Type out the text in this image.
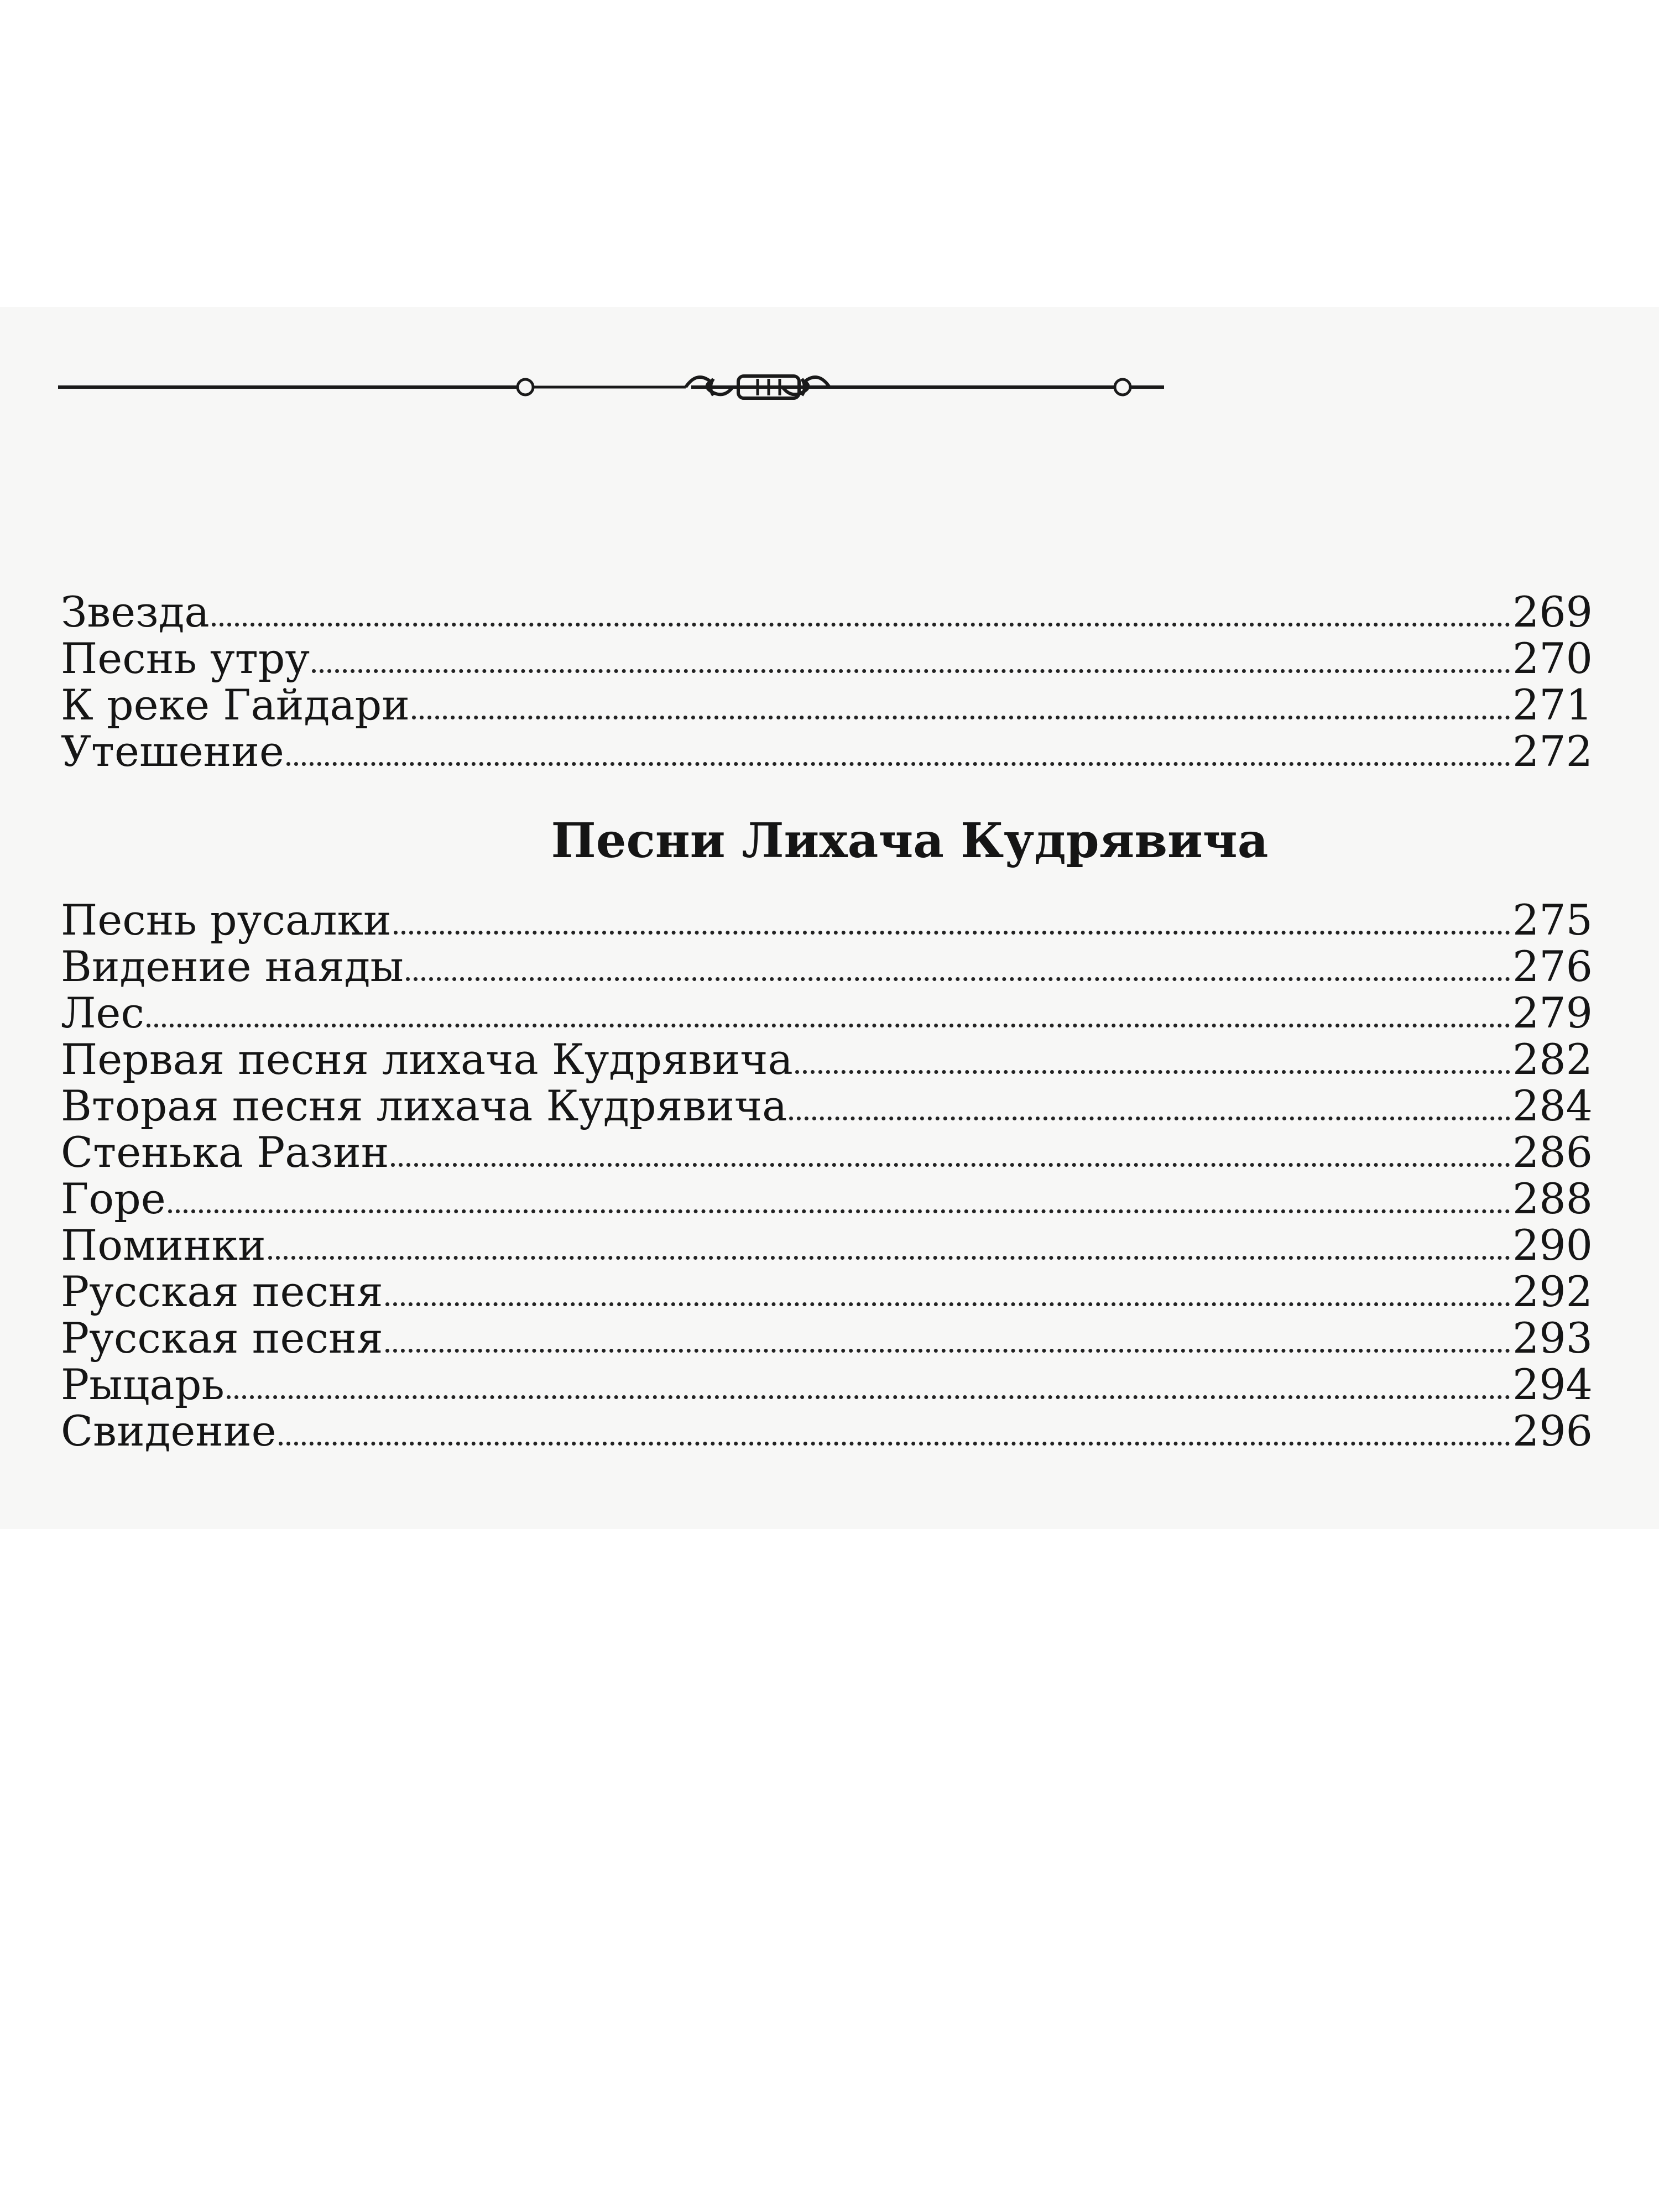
Звезда	269
Песнь утру	270
К реке Гайдари	271
Утешение	272
Песни Лихача Кудрявича
Песнь русалки	275
Видение наяды	276
Лес	279
Первая песня лихача Кудрявича	282
Вторая песня лихача Кудрявича	284
Стенька Разин	286
Горе	288
Поминки	290
Русская песня	292
Русская песня	293
Рыцарь	294
Свидение	296
